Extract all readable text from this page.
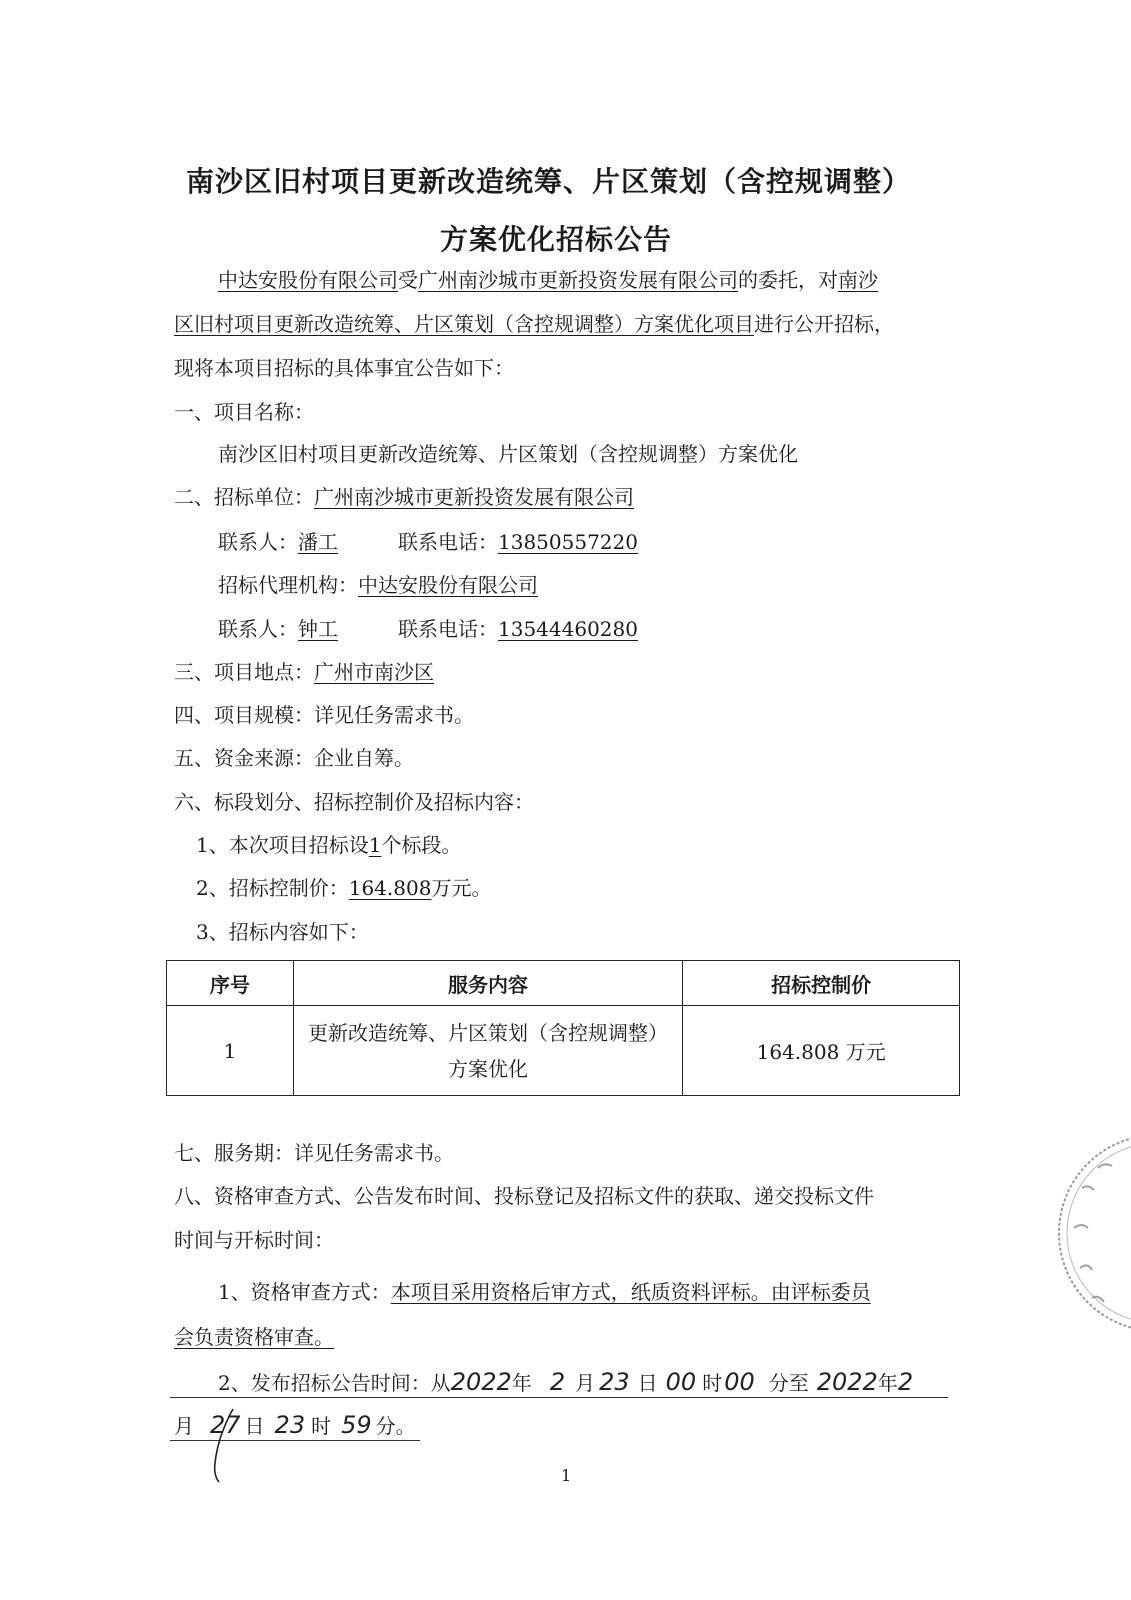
南沙区旧村项目更新改造统筹、片区策划（含控规调整）
方案优化招标公告
中达安股份有限公司受广州南沙城市更新投资发展有限公司的委托，对南沙
区旧村项目更新改造统筹、片区策划（含控规调整）方案优化项目进行公开招标，
现将本项目招标的具体事宜公告如下：
一、项目名称：
南沙区旧村项目更新改造统筹、片区策划（含控规调整）方案优化
二、招标单位：广州南沙城市更新投资发展有限公司
联系人：潘工	联系电话：13850557220
招标代理机构：中达安股份有限公司
联系人：钟工	联系电话：13544460280
三、项目地点：广州市南沙区
四、项目规模：详见任务需求书。
五、资金来源：企业自筹。
六、标段划分、招标控制价及招标内容：
1、本次项目招标设1个标段。
2、招标控制价：164.808万元。
3、招标内容如下：
序号	服务内容	招标控制价
1	更新改造统筹、片区策划（含控规调整）
方案优化	164.808 万元
七、服务期：详见任务需求书。
八、资格审查方式、公告发布时间、投标登记及招标文件的获取、递交投标文件
时间与开标时间：
1、资格审查方式：本项目采用资格后审方式，纸质资料评标。由评标委员
会负责资格审查。
2、发布招标公告时间：从2022年 2 月 23 日 00 时00 分至 2022年2
月 27 日 23 时 59 分。
1
